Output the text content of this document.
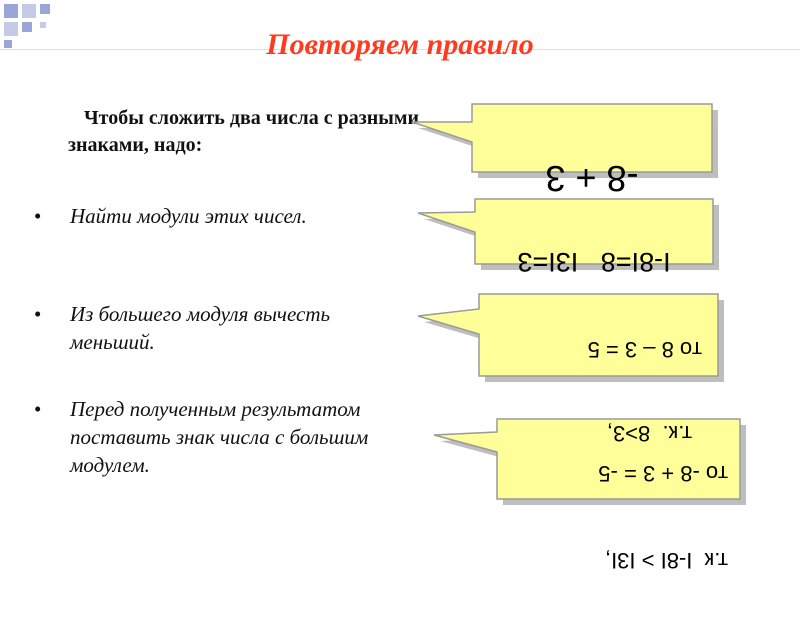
Повторяем правило
Чтобы сложить два числа с разными знаками, надо:
• Найти модули этих чисел.
• Из большего модуля вычесть меньший.
• Перед полученным результатом поставить знак числа с большим модулем.

-8 + 3

I-8I=8   I3I=3

т.к.  8>3,

то 8 – 3 = 5

т.к  I-8I > I3I,

то -8 + 3 = -5
